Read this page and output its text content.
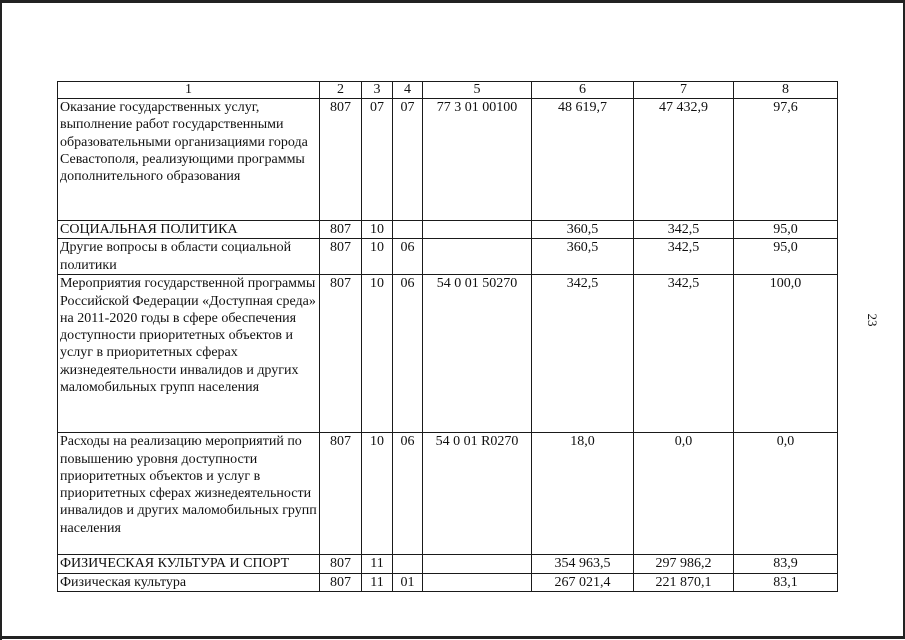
1	2	3	4	5	6	7	8
Оказание государственных услуг, выполнение работ государственными образовательными организациями города Севастополя, реализующими программы дополнительного образования	807	07	07	77 3 01 00100	48 619,7	47 432,9	97,6
СОЦИАЛЬНАЯ ПОЛИТИКА	807	10			360,5	342,5	95,0
Другие вопросы в области социальной политики	807	10	06		360,5	342,5	95,0
Мероприятия государственной программы Российской Федерации «Доступная среда» на 2011-2020 годы в сфере обеспечения доступности приоритетных объектов и услуг в приоритетных сферах жизнедеятельности инвалидов и других маломобильных групп населения	807	10	06	54 0 01 50270	342,5	342,5	100,0
Расходы на реализацию мероприятий по повышению уровня доступности приоритетных объектов и услуг в приоритетных сферах жизнедеятельности инвалидов и других маломобильных групп населения	807	10	06	54 0 01 R0270	18,0	0,0	0,0
ФИЗИЧЕСКАЯ КУЛЬТУРА И СПОРТ	807	11			354 963,5	297 986,2	83,9
Физическая культура	807	11	01		267 021,4	221 870,1	83,1
23
